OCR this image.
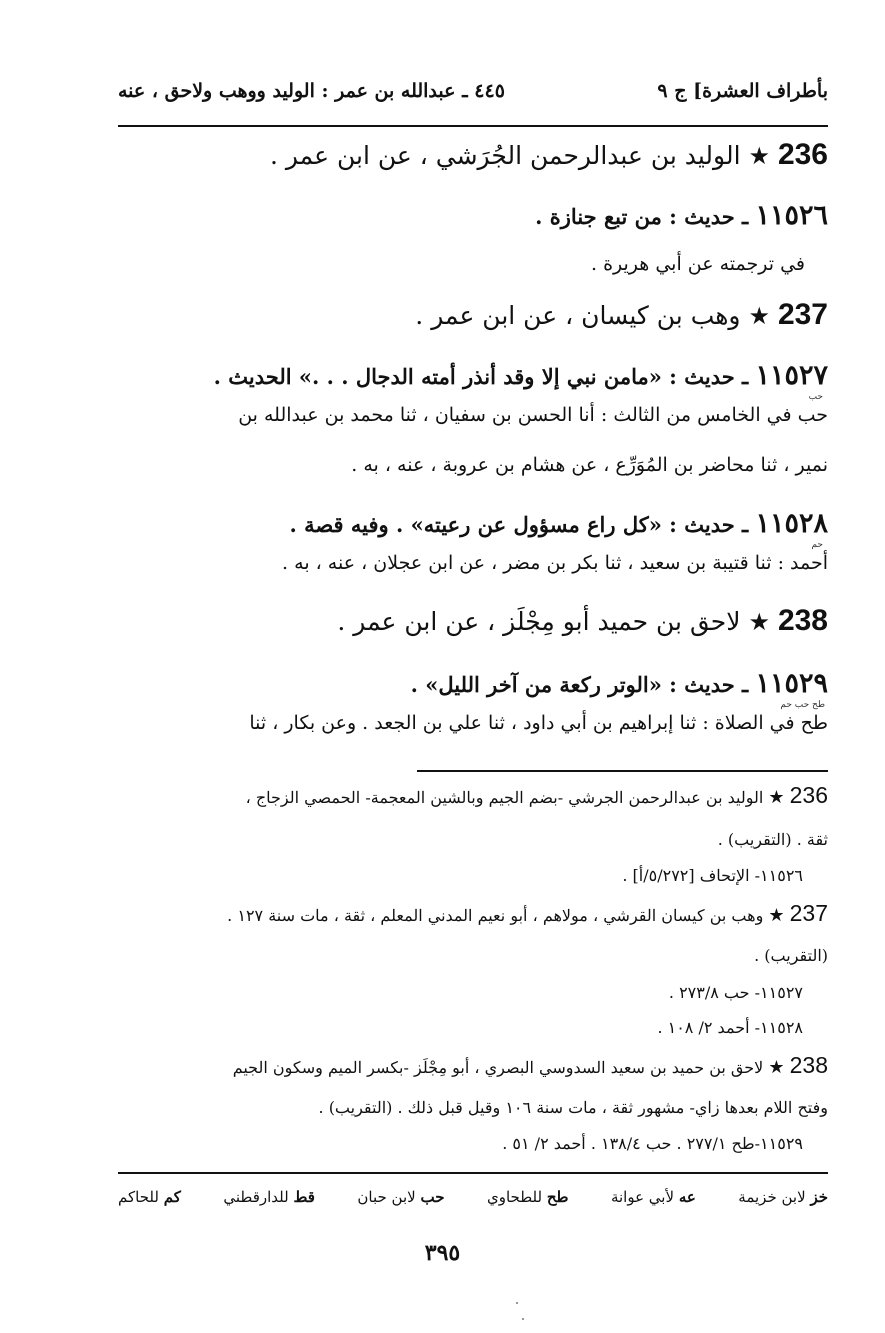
بأطراف العشرة] ج ٩
٤٤٥ ـ عبدالله بن عمر : الوليد ووهب ولاحق ، عنه
236 ★ الوليد بن عبدالرحمن الجُرَشي ، عن ابن عمر .
١١٥٢٦ ـ حديث : من تبع جنازة .
في ترجمته عن أبي هريرة .
237 ★ وهب بن كيسان ، عن ابن عمر .
١١٥٢٧ ـ حديث : «مامن نبي إلا وقد أنذر أمته الدجال . . .» الحديث .
حب
حب في الخامس من الثالث : أنا الحسن بن سفيان ، ثنا محمد بن عبدالله بن
نمير ، ثنا محاضر بن المُوَرِّع ، عن هشام بن عروبة ، عنه ، به .
١١٥٢٨ ـ حديث : «كل راع مسؤول عن رعيته» . وفيه قصة .
حم
أحمد : ثنا قتيبة بن سعيد ، ثنا بكر بن مضر ، عن ابن عجلان ، عنه ، به .
238 ★ لاحق بن حميد أبو مِجْلَز ، عن ابن عمر .
١١٥٢٩ ـ حديث : «الوتر ركعة من آخر الليل» .
طح حب حم
طح في الصلاة : ثنا إبراهيم بن أبي داود ، ثنا علي بن الجعد . وعن بكار ، ثنا
236 ★ الوليد بن عبدالرحمن الجرشي -بضم الجيم وبالشين المعجمة- الحمصي الزجاج ،
ثقة . (التقريب) .
١١٥٢٦- الإتحاف [٥/٢٧٢/أ] .
237 ★ وهب بن كيسان القرشي ، مولاهم ، أبو نعيم المدني المعلم ، ثقة ، مات سنة ١٢٧ .
(التقريب) .
١١٥٢٧- حب ٢٧٣/٨ .
١١٥٢٨- أحمد ٢/ ١٠٨ .
238 ★ لاحق بن حميد بن سعيد السدوسي البصري ، أبو مِجْلَز -بكسر الميم وسكون الجيم
وفتح اللام بعدها زاي- مشهور ثقة ، مات سنة ١٠٦ وقيل قبل ذلك . (التقريب) .
١١٥٢٩-طح ٢٧٧/١ . حب ١٣٨/٤ . أحمد ٢/ ٥١ .
خز لابن خزيمة
عه لأبي عوانة
طح للطحاوي
حب لابن حبان
قط للدارقطني
كم للحاكم
٣٩٥
